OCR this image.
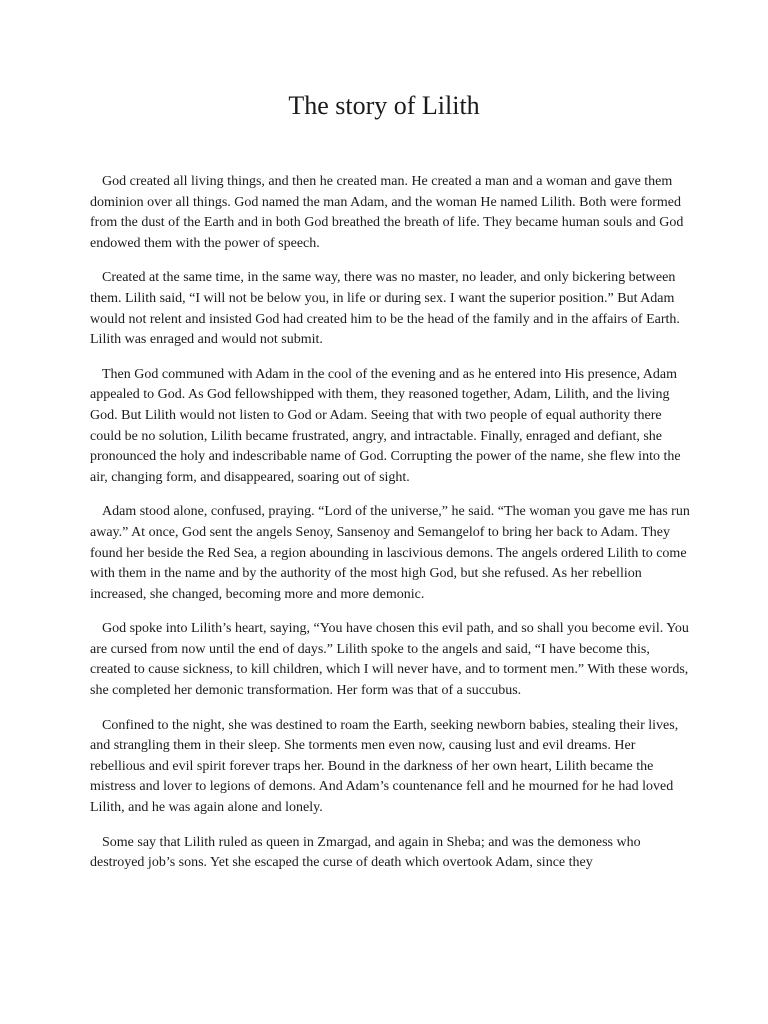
The story of Lilith

God created all living things, and then he created man. He created a man and a woman and gave them dominion over all things. God named the man Adam, and the woman He named Lilith. Both were formed from the dust of the Earth and in both God breathed the breath of life. They became human souls and God endowed them with the power of speech.

Created at the same time, in the same way, there was no master, no leader, and only bickering between them. Lilith said, “I will not be below you, in life or during sex. I want the superior position.” But Adam would not relent and insisted God had created him to be the head of the family and in the affairs of Earth. Lilith was enraged and would not submit.

Then God communed with Adam in the cool of the evening and as he entered into His presence, Adam appealed to God. As God fellowshipped with them, they reasoned together, Adam, Lilith, and the living God. But Lilith would not listen to God or Adam. Seeing that with two people of equal authority there could be no solution, Lilith became frustrated, angry, and intractable. Finally, enraged and defiant, she pronounced the holy and indescribable name of God. Corrupting the power of the name, she flew into the air, changing form, and disappeared, soaring out of sight.

Adam stood alone, confused, praying. “Lord of the universe,” he said. “The woman you gave me has run away.” At once, God sent the angels Senoy, Sansenoy and Semangelof to bring her back to Adam. They found her beside the Red Sea, a region abounding in lascivious demons. The angels ordered Lilith to come with them in the name and by the authority of the most high God, but she refused. As her rebellion increased, she changed, becoming more and more demonic.

God spoke into Lilith’s heart, saying, “You have chosen this evil path, and so shall you become evil. You are cursed from now until the end of days.” Lilith spoke to the angels and said, “I have become this, created to cause sickness, to kill children, which I will never have, and to torment men.” With these words, she completed her demonic transformation. Her form was that of a succubus.

Confined to the night, she was destined to roam the Earth, seeking newborn babies, stealing their lives, and strangling them in their sleep. She torments men even now, causing lust and evil dreams. Her rebellious and evil spirit forever traps her. Bound in the darkness of her own heart, Lilith became the mistress and lover to legions of demons. And Adam’s countenance fell and he mourned for he had loved Lilith, and he was again alone and lonely.

Some say that Lilith ruled as queen in Zmargad, and again in Sheba; and was the demoness who destroyed job’s sons. Yet she escaped the curse of death which overtook Adam, since they
